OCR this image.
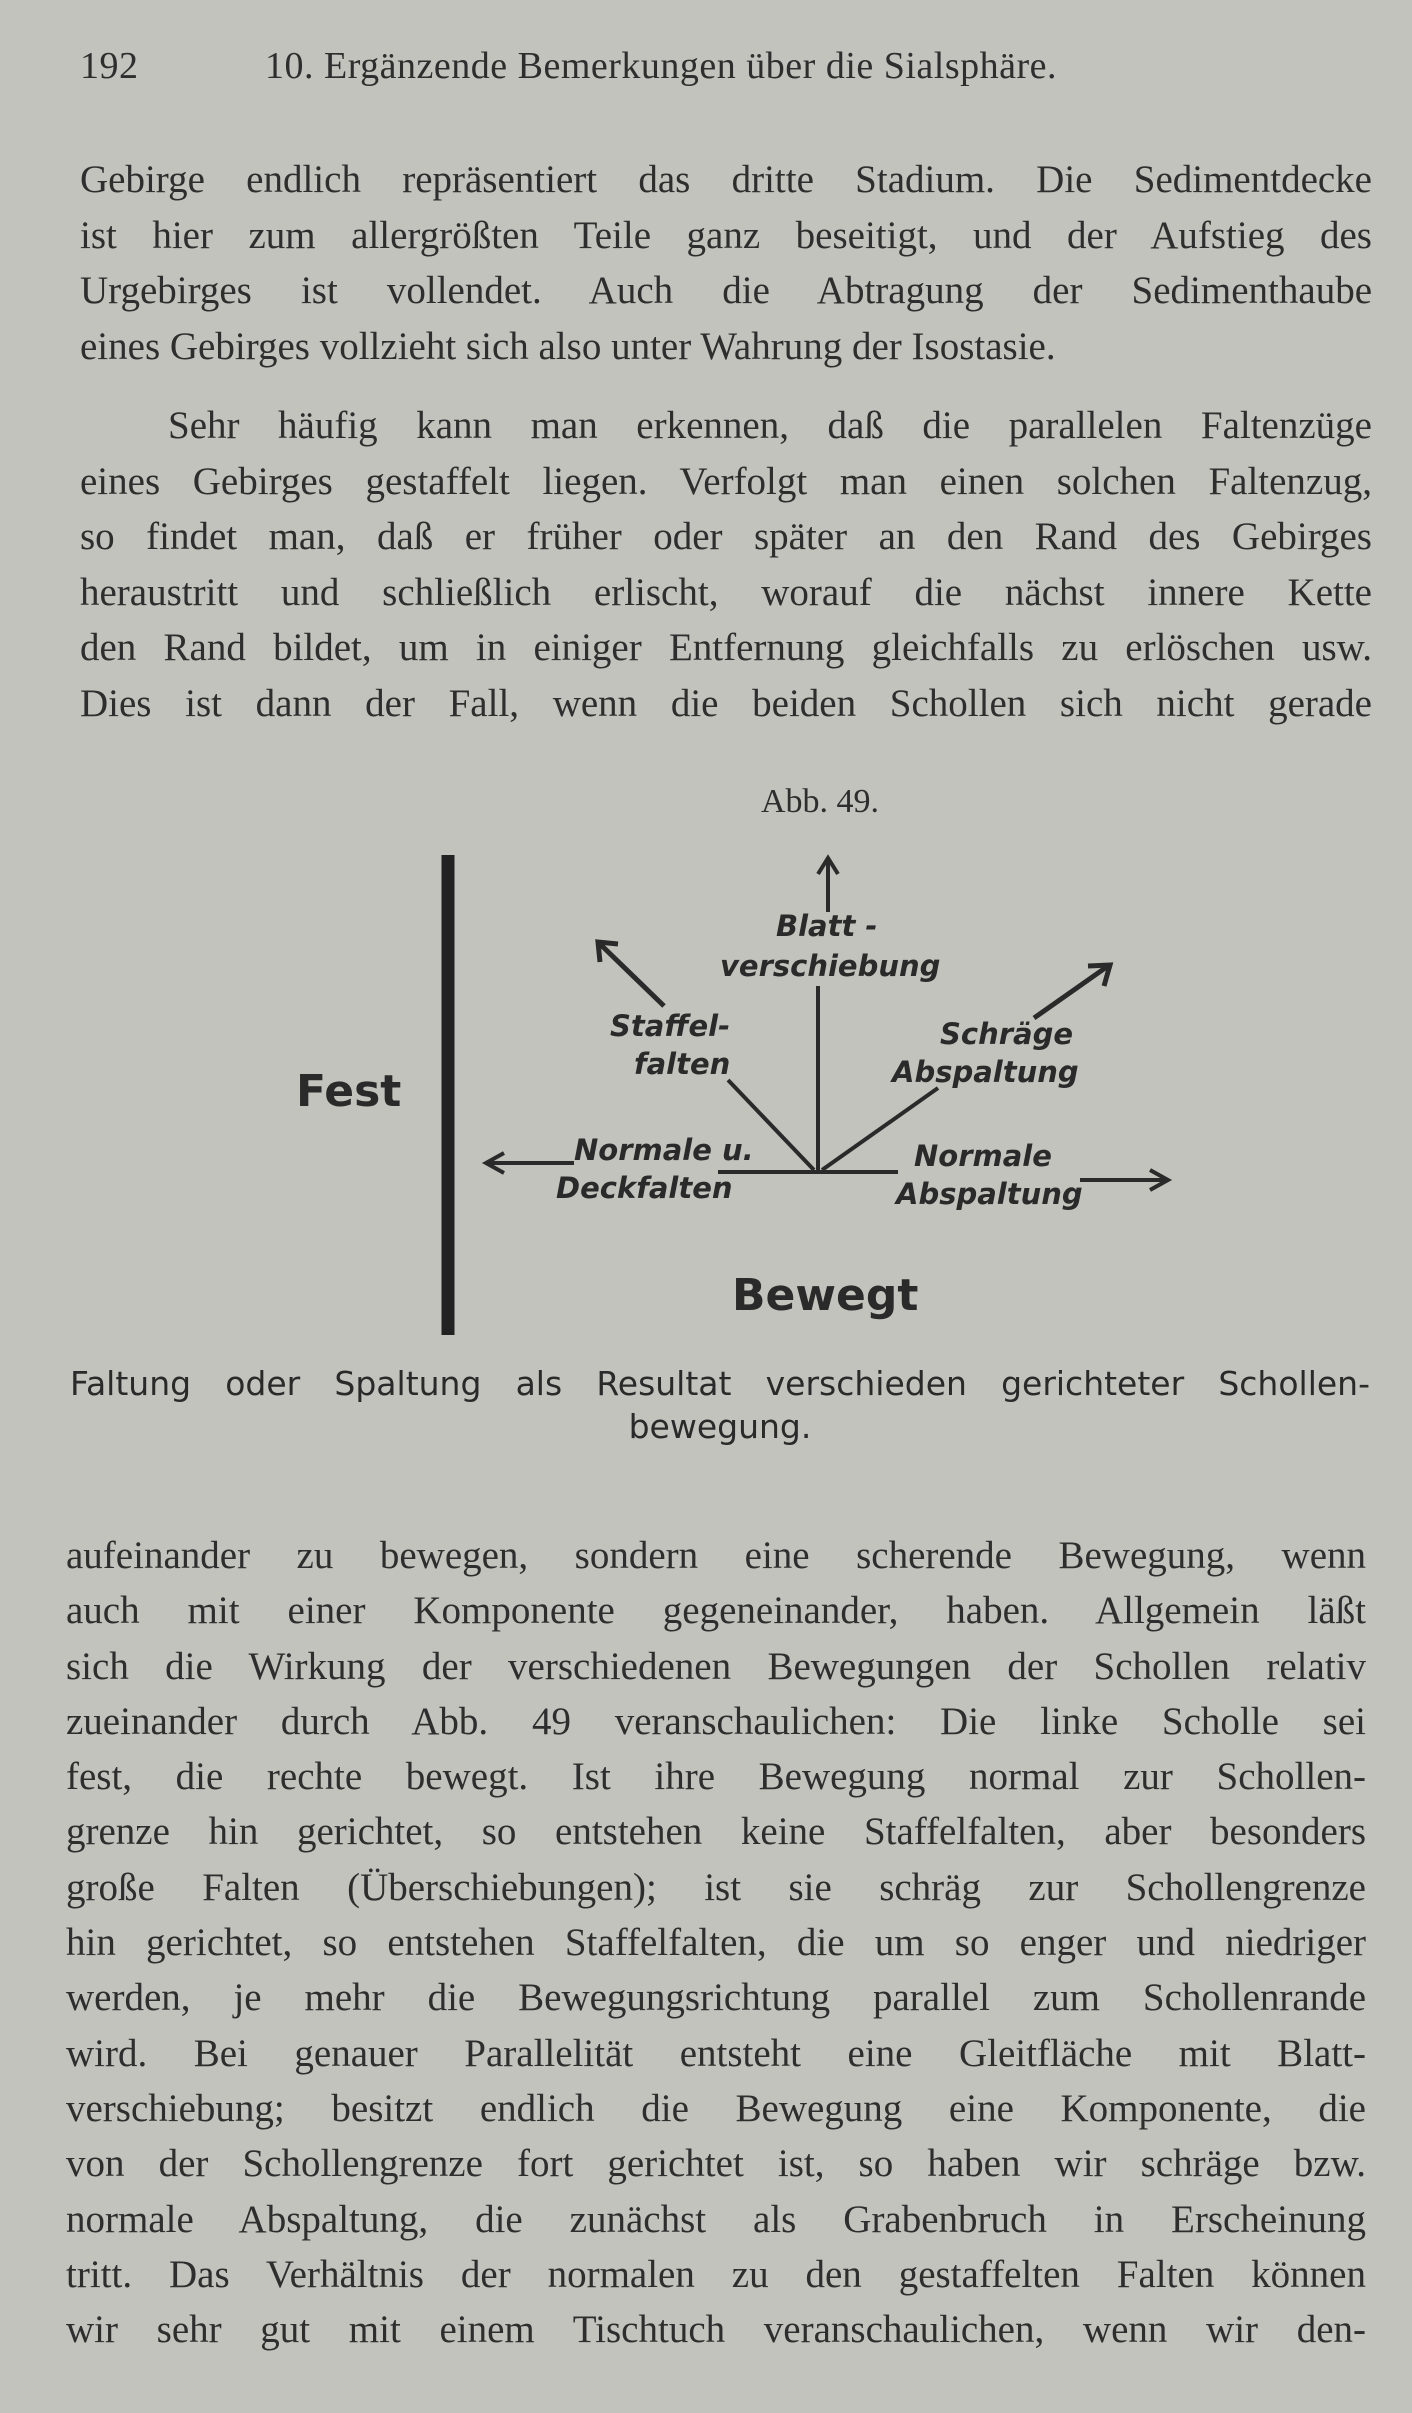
192	10. Ergänzende Bemerkungen über die Sialsphäre.
Gebirge endlich repräsentiert das dritte Stadium. Die Sedimentdecke
ist hier zum allergrößten Teile ganz beseitigt, und der Aufstieg des
Urgebirges ist vollendet. Auch die Abtragung der Sedimenthaube
eines Gebirges vollzieht sich also unter Wahrung der Isostasie.
Sehr häufig kann man erkennen, daß die parallelen Faltenzüge
eines Gebirges gestaffelt liegen. Verfolgt man einen solchen Faltenzug,
so findet man, daß er früher oder später an den Rand des Gebirges
heraustritt und schließlich erlischt, worauf die nächst innere Kette
den Rand bildet, um in einiger Entfernung gleichfalls zu erlöschen usw.
Dies ist dann der Fall, wenn die beiden Schollen sich nicht gerade
Abb. 49.
Fest
Bewegt
Blatt -
verschiebung
Staffel-
falten
Schräge
Abspaltung
Normale u.
Deckfalten
Normale
Abspaltung
Faltung oder Spaltung als Resultat verschieden gerichteter Schollen-
bewegung.
aufeinander zu bewegen, sondern eine scherende Bewegung, wenn
auch mit einer Komponente gegeneinander, haben. Allgemein läßt
sich die Wirkung der verschiedenen Bewegungen der Schollen relativ
zueinander durch Abb. 49 veranschaulichen: Die linke Scholle sei
fest, die rechte bewegt. Ist ihre Bewegung normal zur Schollen-
grenze hin gerichtet, so entstehen keine Staffelfalten, aber besonders
große Falten (Überschiebungen); ist sie schräg zur Schollengrenze
hin gerichtet, so entstehen Staffelfalten, die um so enger und niedriger
werden, je mehr die Bewegungsrichtung parallel zum Schollenrande
wird. Bei genauer Parallelität entsteht eine Gleitfläche mit Blatt-
verschiebung; besitzt endlich die Bewegung eine Komponente, die
von der Schollengrenze fort gerichtet ist, so haben wir schräge bzw.
normale Abspaltung, die zunächst als Grabenbruch in Erscheinung
tritt. Das Verhältnis der normalen zu den gestaffelten Falten können
wir sehr gut mit einem Tischtuch veranschaulichen, wenn wir den-
